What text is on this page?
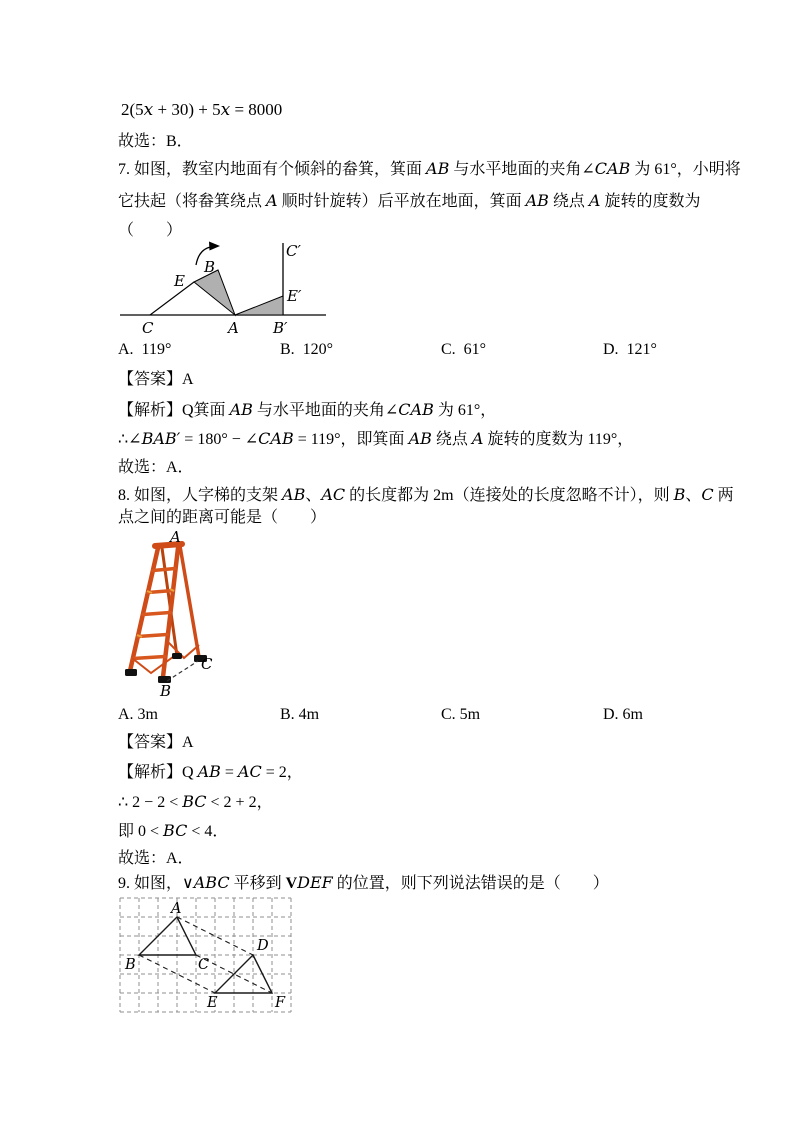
2(5x + 30) + 5x = 8000
故选：B．
7. 如图，教室内地面有个倾斜的畚箕，箕面 AB 与水平地面的夹角∠CAB 为 61°，小明将
它扶起（将畚箕绕点 A 顺时针旋转）后平放在地面，箕面 AB 绕点 A 旋转的度数为
（　　）
C	A B′
C′
E′
E
B
A.  119°	B.  120°	C.  61°	D.  121°
【答案】A
【解析】Q箕面 AB 与水平地面的夹角∠CAB 为 61°，
∴∠BAB′ = 180° − ∠CAB = 119°，即箕面 AB 绕点 A 旋转的度数为 119°，
故选：A．
8. 如图，人字梯的支架 AB、AC 的长度都为 2m（连接处的长度忽略不计），则 B、C 两
点之间的距离可能是（　　）
A
B
C
A. 3m	B. 4m	C. 5m	D. 6m
【答案】A
【解析】Q AB = AC = 2，
∴ 2 − 2 < BC < 2 + 2，
即 0 < BC < 4．
故选：A．
9. 如图，∨ABC 平移到 VDEF 的位置，则下列说法错误的是（　　）
A
B	C
D
E	F
